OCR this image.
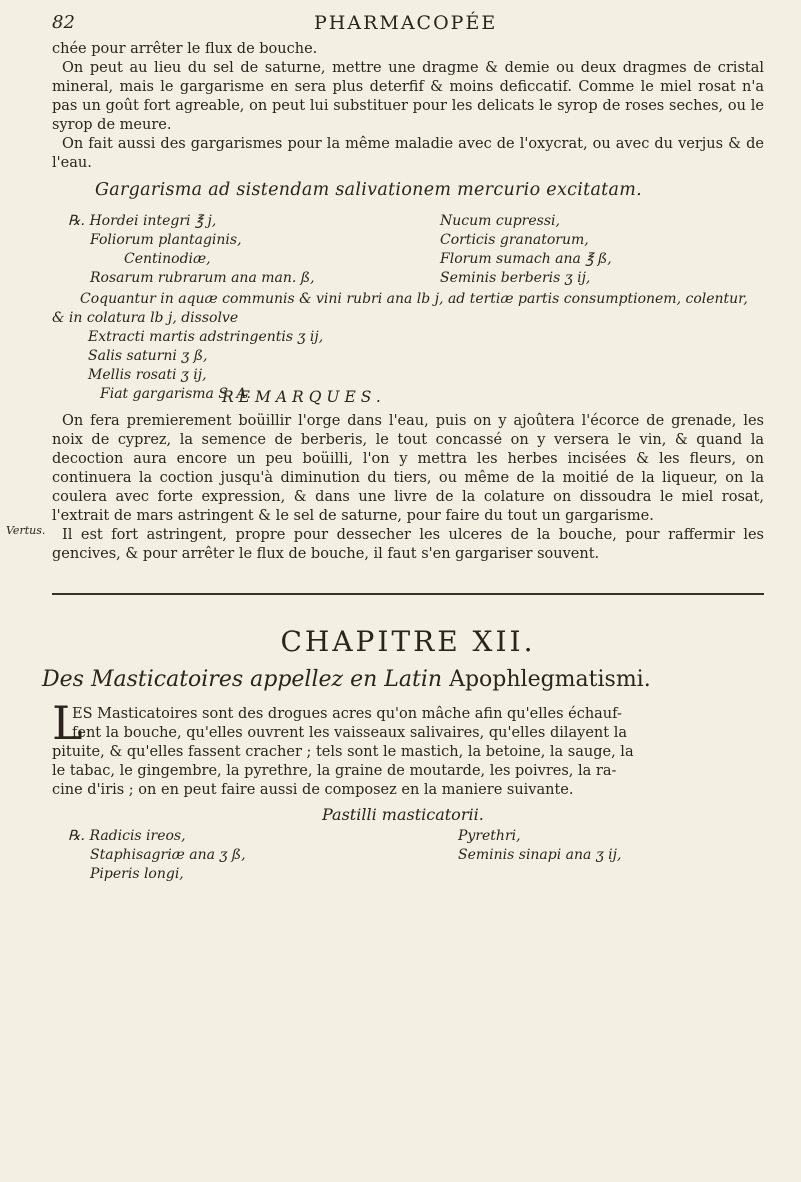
82	PHARMACOPÉE

chée pour arrêter le flux de bouche.

On peut au lieu du sel de saturne, mettre une dragme & demie ou deux dragmes de cristal mineral, mais le gargarisme en sera plus deterfif & moins deficcatif. Comme le miel rosat n'a pas un goût fort agreable, on peut lui substituer pour les delicats le syrop de roses seches, ou le syrop de meure.

On fait aussi des gargarismes pour la même maladie avec de l'oxycrat, ou avec du verjus & de l'eau.

Gargarisma ad sistendam salivationem mercurio excitatam.
℞. Hordei integri ℥ j,
Foliorum plantaginis,
Centinodiæ,
Rosarum rubrarum ana man. ß,
Nucum cupressi,
Corticis granatorum,
Florum sumach ana ℥ ß,
Seminis berberis ʒ ij,
Coquantur in aquæ communis & vini rubri ana lb j, ad tertiæ partis consumptionem, colentur, & in colatura lb j, dissolve
Extracti martis adstringentis ʒ ij,
Salis saturni ʒ ß,
Mellis rosati ʒ ij,
Fiat gargarisma S. A.
REMARQUES.
Vertus.

On fera premierement boüillir l'orge dans l'eau, puis on y ajoûtera l'écorce de grenade, les noix de cyprez, la semence de berberis, le tout concassé on y versera le vin, & quand la decoction aura encore un peu boüilli, l'on y mettra les herbes incisées & les fleurs, on continuera la coction jusqu'à diminution du tiers, ou même de la moitié de la liqueur, on la coulera avec forte expression, & dans une livre de la colature on dissoudra le miel rosat, l'extrait de mars astringent & le sel de saturne, pour faire du tout un gargarisme.

Il est fort astringent, propre pour dessecher les ulceres de la bouche, pour raffermir les gencives, & pour arrêter le flux de bouche, il faut s'en gargariser souvent.

CHAPITRE XII.
Des Masticatoires appellez en Latin Apophlegmatismi.
L
ES Masticatoires sont des drogues acres qu'on mâche afin qu'elles échauf-
fent la bouche, qu'elles ouvrent les vaisseaux salivaires, qu'elles dilayent la
pituite, & qu'elles fassent cracher ; tels sont le mastich, la betoine, la sauge, la
le tabac, le gingembre, la pyrethre, la graine de moutarde, les poivres, la ra-
cine d'iris ; on en peut faire aussi de composez en la maniere suivante.
Pastilli masticatorii.
℞. Radicis ireos,
Staphisagriæ ana ʒ ß,
Piperis longi,
Pyrethri,
Seminis sinapi ana ʒ ij,
